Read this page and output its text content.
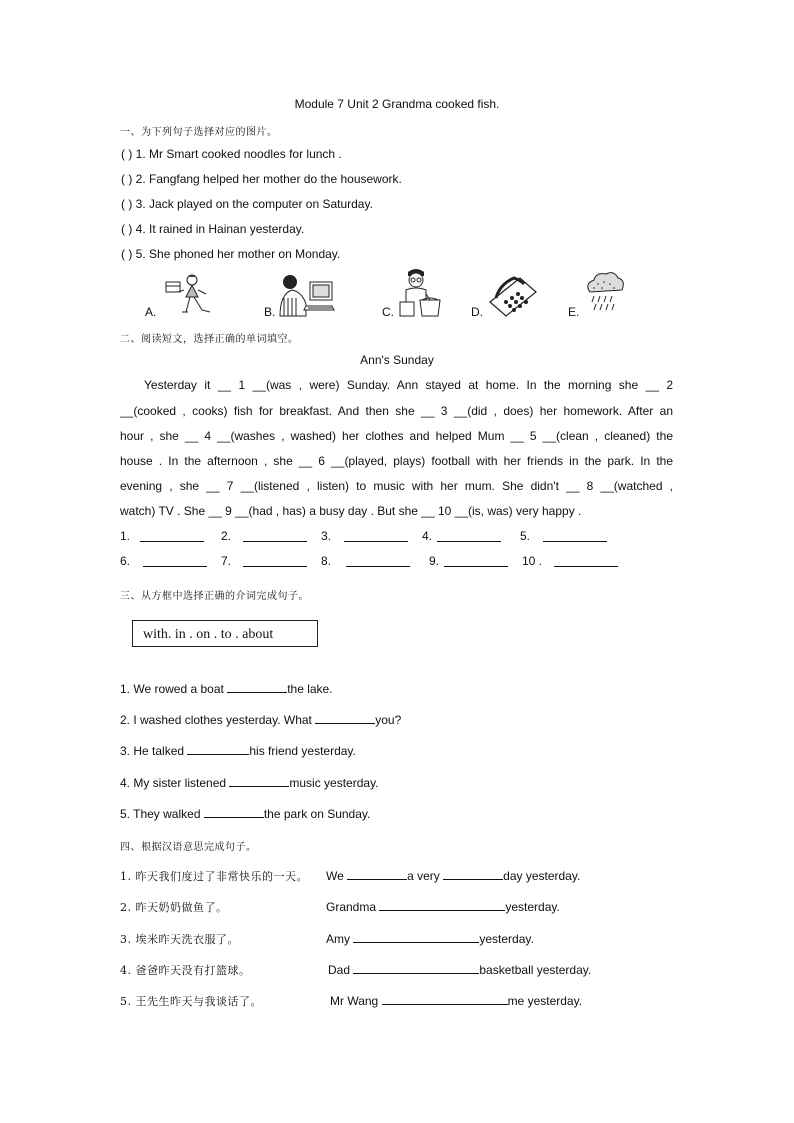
Module 7 Unit 2 Grandma cooked fish.
一、为下列句子选择对应的图片。
( ) 1. Mr Smart cooked noodles for lunch .
( ) 2. Fangfang helped her mother do the housework.
( ) 3. Jack played on the computer on Saturday.
( ) 4. It rained in Hainan yesterday.
( ) 5. She phoned her mother on Monday.
A.	B.	C.	D.	E.
二、阅读短文，选择正确的单词填空。
Ann's Sunday
Yesterday it __ 1 __(was , were) Sunday. Ann stayed at home. In the morning she __ 2
__(cooked , cooks) fish for breakfast. And then she __ 3 __(did , does) her homework. After an
hour , she __ 4 __(washes , washed) her clothes and helped Mum __ 5 __(clean , cleaned) the
house . In the afternoon , she __ 6 __(played, plays) football with her friends in the park. In the
evening , she __ 7 __(listened , listen) to music with her mum. She didn't __ 8 __(watched ,
watch) TV . She __ 9 __(had , has) a busy day . But she __ 10 __(is, was) very happy .
1.	2.	3.	4.	5.
6.	7.	8.	9.	10 .
三、从方框中选择正确的介词完成句子。
with. in . on . to . about
1. We rowed a boat	the lake.
2. I washed clothes yesterday. What	you?
3. He talked	his friend yesterday.
4. My sister listened	music yesterday.
5. They walked	the park on Sunday.
四、根据汉语意思完成句子。
1. 昨天我们度过了非常快乐的一天。 We	a very	day yesterday.
2. 昨天奶奶做鱼了。	Grandma	yesterday.
3. 埃米昨天洗衣服了。	Amy	yesterday.
4. 爸爸昨天没有打篮球。	Dad	basketball yesterday.
5. 王先生昨天与我谈话了。	Mr Wang	me yesterday.
